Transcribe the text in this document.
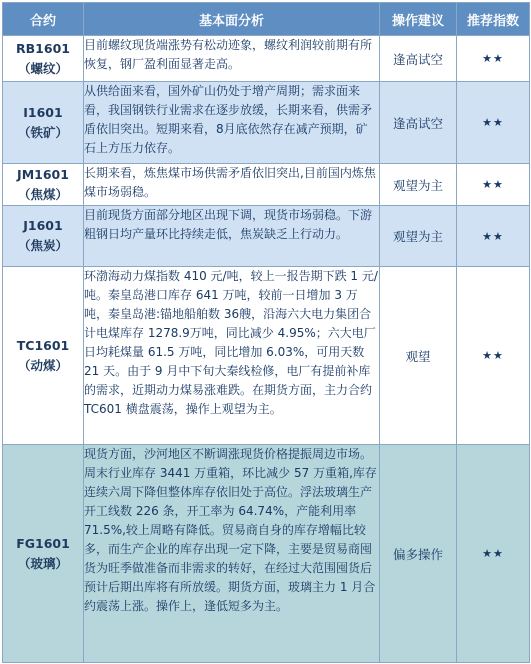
合约	基本面分析	操作建议	推荐指数

RB1601
（螺纹）	目前螺纹现货端涨势有松动迹象，螺纹利润较前期有所恢复，钢厂盈利面显著走高。	逢高试空	★★

I1601
（铁矿）	从供给面来看，国外矿山仍处于增产周期；需求面来看，我国钢铁行业需求在逐步放缓，长期来看，供需矛盾依旧突出。短期来看，8月底依然存在减产预期，矿石上方压力依存。	逢高试空	★★

JM1601
（焦煤）	长期来看，炼焦煤市场供需矛盾依旧突出,目前国内炼焦煤市场弱稳。	观望为主	★★

J1601
（焦炭）	目前现货方面部分地区出现下调，现货市场弱稳。下游粗钢日均产量环比持续走低，焦炭缺乏上行动力。	观望为主	★★

TC1601
（动煤）	环渤海动力煤指数 410 元/吨，较上一报告期下跌 1 元/吨。秦皇岛港口库存 641 万吨，较前一日增加 3 万吨，秦皇岛港:锚地船舶数 36艘，沿海六大电力集团合计电煤库存 1278.9万吨，同比减少 4.95%；六大电厂日均耗煤量 61.5 万吨，同比增加 6.03%，可用天数 21 天。由于 9 月中下旬大秦线检修，电厂有提前补库的需求，近期动力煤易涨难跌。在期货方面，主力合约 TC601 横盘震荡，操作上观望为主。	观望	★★

FG1601
（玻璃）	现货方面，沙河地区不断调涨现货价格提振周边市场。周末行业库存 3441 万重箱，环比减少 57 万重箱,库存连续六周下降但整体库存依旧处于高位。浮法玻璃生产开工线数 226 条，开工率为 64.74%，产能利用率 71.5%,较上周略有降低。贸易商自身的库存增幅比较多，而生产企业的库存出现一定下降，主要是贸易商囤货为旺季做准备而非需求的转好，在经过大范围囤货后预计后期出库将有所放缓。期货方面，玻璃主力 1 月合约震荡上涨。操作上，逢低短多为主。	偏多操作	★★
